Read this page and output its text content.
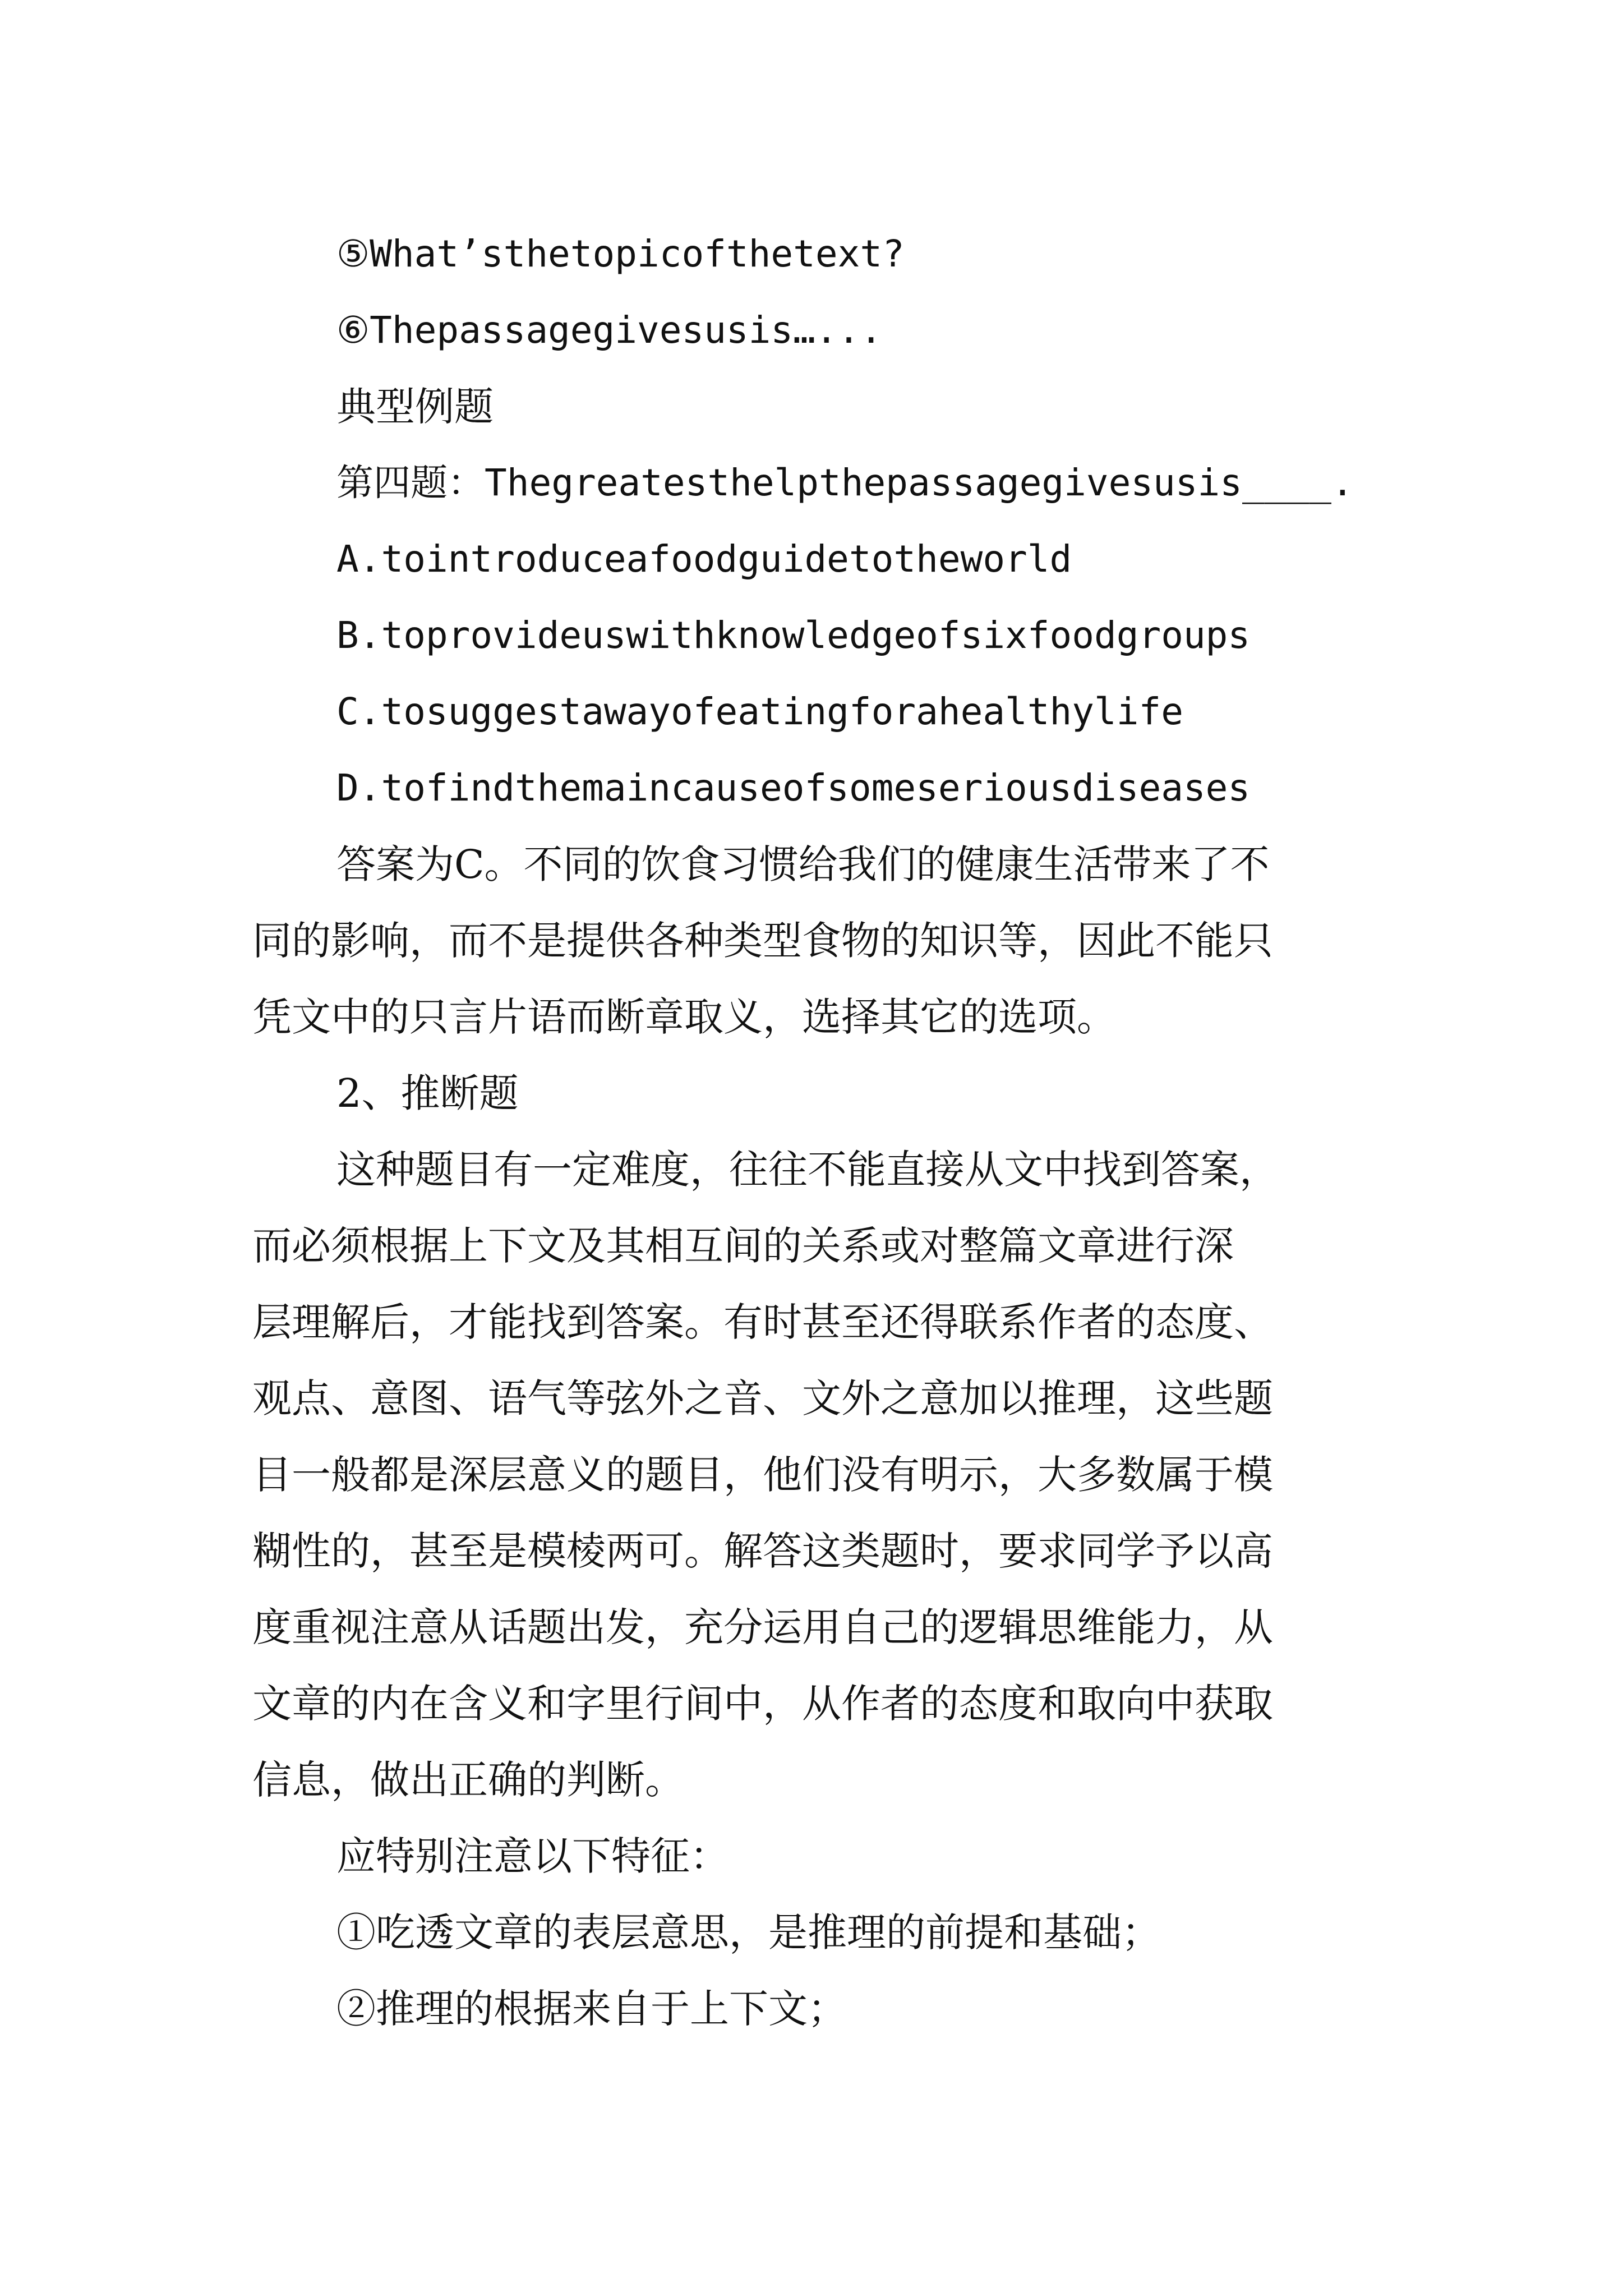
⑤What’sthetopicofthetext?
⑥Thepassagegivesusis…...
典型例题
第四题：Thegreatesthelpthepassagegivesusis____.
A.tointroduceafoodguidetotheworld
B.toprovideuswithknowledgeofsixfoodgroups
C.tosuggestawayofeatingforahealthylife
D.tofindthemaincauseofsomeseriousdiseases
答案为C。不同的饮食习惯给我们的健康生活带来了不
同的影响，而不是提供各种类型食物的知识等，因此不能只
凭文中的只言片语而断章取义，选择其它的选项。
2、推断题
这种题目有一定难度，往往不能直接从文中找到答案，
而必须根据上下文及其相互间的关系或对整篇文章进行深
层理解后，才能找到答案。有时甚至还得联系作者的态度、
观点、意图、语气等弦外之音、文外之意加以推理，这些题
目一般都是深层意义的题目，他们没有明示，大多数属于模
糊性的，甚至是模棱两可。解答这类题时，要求同学予以高
度重视注意从话题出发，充分运用自己的逻辑思维能力，从
文章的内在含义和字里行间中，从作者的态度和取向中获取
信息，做出正确的判断。
应特别注意以下特征：
①吃透文章的表层意思，是推理的前提和基础；
②推理的根据来自于上下文；
